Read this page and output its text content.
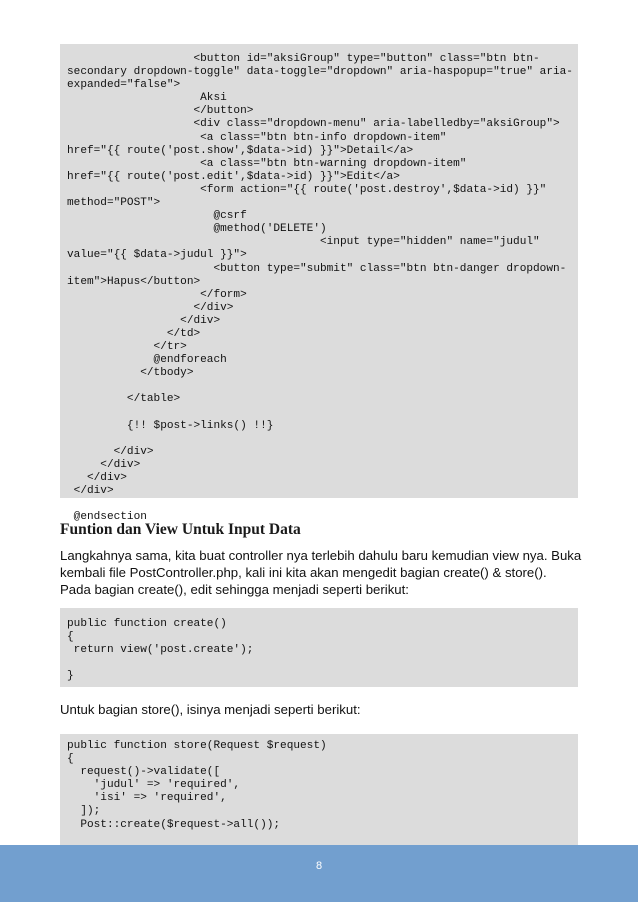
<button id="aksiGroup" type="button" class="btn btn-
secondary dropdown-toggle" data-toggle="dropdown" aria-haspopup="true" aria-
expanded="false">
Aksi
</button>
<div class="dropdown-menu" aria-labelledby="aksiGroup">
<a class="btn btn-info dropdown-item"
href="{{ route('post.show',$data->id) }}">Detail</a>
<a class="btn btn-warning dropdown-item"
href="{{ route('post.edit',$data->id) }}">Edit</a>
<form action="{{ route('post.destroy',$data->id) }}"
method="POST">
@csrf
@method('DELETE')
<input type="hidden" name="judul"
value="{{ $data->judul }}">
<button type="submit" class="btn btn-danger dropdown-
item">Hapus</button>
</form>
</div>
</div>
</td>
</tr>
@endforeach
</tbody>

</table>

{!! $post->links() !!}

</div>
</div>
</div>
</div>

@endsection

Funtion dan View Untuk Input Data

Langkahnya sama, kita buat controller nya terlebih dahulu baru kemudian view nya. Buka
kembali file PostController.php, kali ini kita akan mengedit bagian create() & store().
Pada bagian create(), edit sehingga menjadi seperti berikut:

public function create()
{
return view('post.create');

}

Untuk bagian store(), isinya menjadi seperti berikut:

public function store(Request $request)
{
request()->validate([
'judul' => 'required',
'isi' => 'required',
]);
Post::create($request->all());

8
